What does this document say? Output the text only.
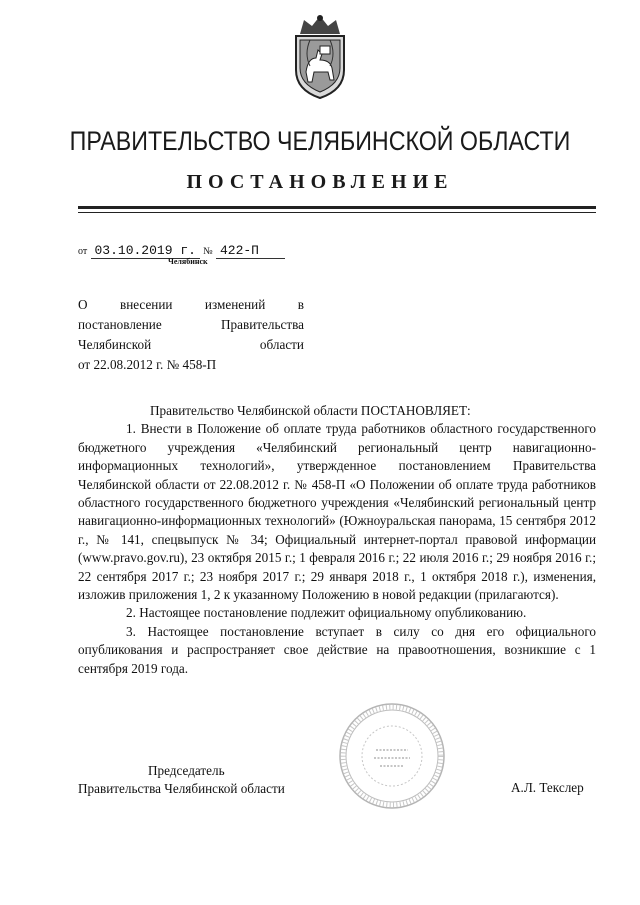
ПРАВИТЕЛЬСТВО ЧЕЛЯБИНСКОЙ ОБЛАСТИ
ПОСТАНОВЛЕНИЕ
от 03.10.2019 г. № 422-П
Челябинск
О внесении изменений в
постановление	Правительства
Челябинской	области
от 22.08.2012 г. № 458-П

Правительство Челябинской области ПОСТАНОВЛЯЕТ:

1. Внести в Положение об оплате труда работников областного государственного бюджетного учреждения «Челябинский региональный центр навигационно-информационных технологий», утвержденное постановлением Правительства Челябинской области от 22.08.2012 г. № 458-П «О Положении об оплате труда работников областного государственного бюджетного учреждения «Челябинский региональный центр навигационно-информационных технологий» (Южноуральская панорама, 15 сентября 2012 г., № 141, спецвыпуск № 34; Официальный интернет-портал правовой информации (www.pravo.gov.ru), 23 октября 2015 г.; 1 февраля 2016 г.; 22 июля 2016 г.; 29 ноября 2016 г.; 22 сентября 2017 г.; 23 ноября 2017 г.; 29 января 2018 г., 1 октября 2018 г.), изменения, изложив приложения 1, 2 к указанному Положению в новой редакции (прилагаются).

2. Настоящее постановление подлежит официальному опубликованию.

3. Настоящее постановление вступает в силу со дня его официального опубликования и распространяет свое действие на правоотношения, возникшие с 1 сентября 2019 года.

Председатель
Правительства Челябинской области	А.Л. Текслер
